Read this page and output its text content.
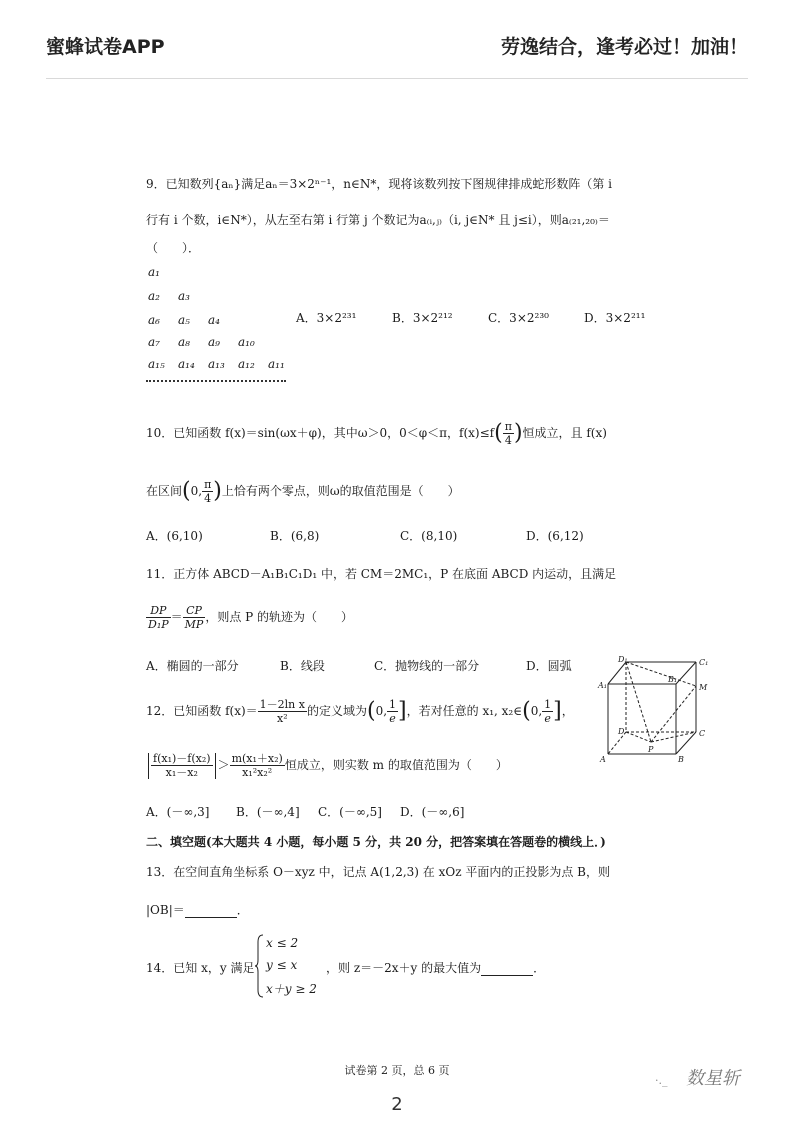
蜜蜂试卷APP	劳逸结合，逢考必过！加油！
9．已知数列{aₙ}满足aₙ＝3×2ⁿ⁻¹，n∈N*，现将该数列按下图规律排成蛇形数阵（第 i
行有 i 个数，i∈N*），从左至右第 i 行第 j 个数记为a₍ᵢ,ⱼ₎（i, j∈N* 且 j≤i），则a₍₂₁,₂₀₎＝
（　　）．
a₁
a₂ a₃
a₆ a₅ a₄
a₇ a₈ a₉ a₁₀
a₁₅ a₁₄ a₁₃ a₁₂ a₁₁
A．3×2²³¹	B．3×2²¹²	C．3×2²³⁰	D．3×2²¹¹
10．已知函数 f(x)＝sin(ωx＋φ)，其中ω＞0，0＜φ＜π，$f(x)\le f( \frac{\pi}{4}$ )恒成立，且 f(x)
在区间(0, $\frac{\pi}{4}$ )上恰有两个零点，则ω的取值范围是（　　）
A．(6,10)	B．(6,8)	C．(8,10)	D．(6,12)
11．正方体 ABCD－A₁B₁C₁D₁ 中，若 CM＝2MC₁，P 在底面 ABCD 内运动，且满足
$\frac{DP}{\text{D₁P}} = \frac{CP}{MP}$ ，则点 P 的轨迹为（　　）
A．椭圆的一部分	B．线段	C．抛物线的一部分	D．圆弧	D₁	C₁
A₁
B₁
M
D	C
A
P
B
12．已知函数 $f(x)= \frac{\text{1－2ln x}}{\text{x²}}$ 的定义域为(0, $\frac{1}{e}$ ]，若对任意的 x₁, x₂∈(0, $\frac{1}{e}$ ]，
$\frac{\text{f(x₁)－f(x₂)}}{\text{x₁－x₂}} > \frac{\text{m(x₁＋x₂)}}{\text{x₁²x₂²}}$ 恒成立，则实数 m 的取值范围为（　　）
A．(－∞,3] B．(－∞,4] C．(－∞,5] D．(－∞,6]
二、填空题(本大题共 4 小题，每小题 5 分，共 20 分，把答案填在答题卷的横线上．)
13．在空间直角坐标系 O－xyz 中，记点 A(1,2,3) 在 xOz 平面内的正投影为点 B，则
|OB|＝	．
14．已知 x，y 满足
x ≤ 2
y ≤ x
x＋y ≥ 2
，则 z＝－2x＋y 的最大值为	．
试卷第 2 页，总 6 页
·._ 数星斩
2
